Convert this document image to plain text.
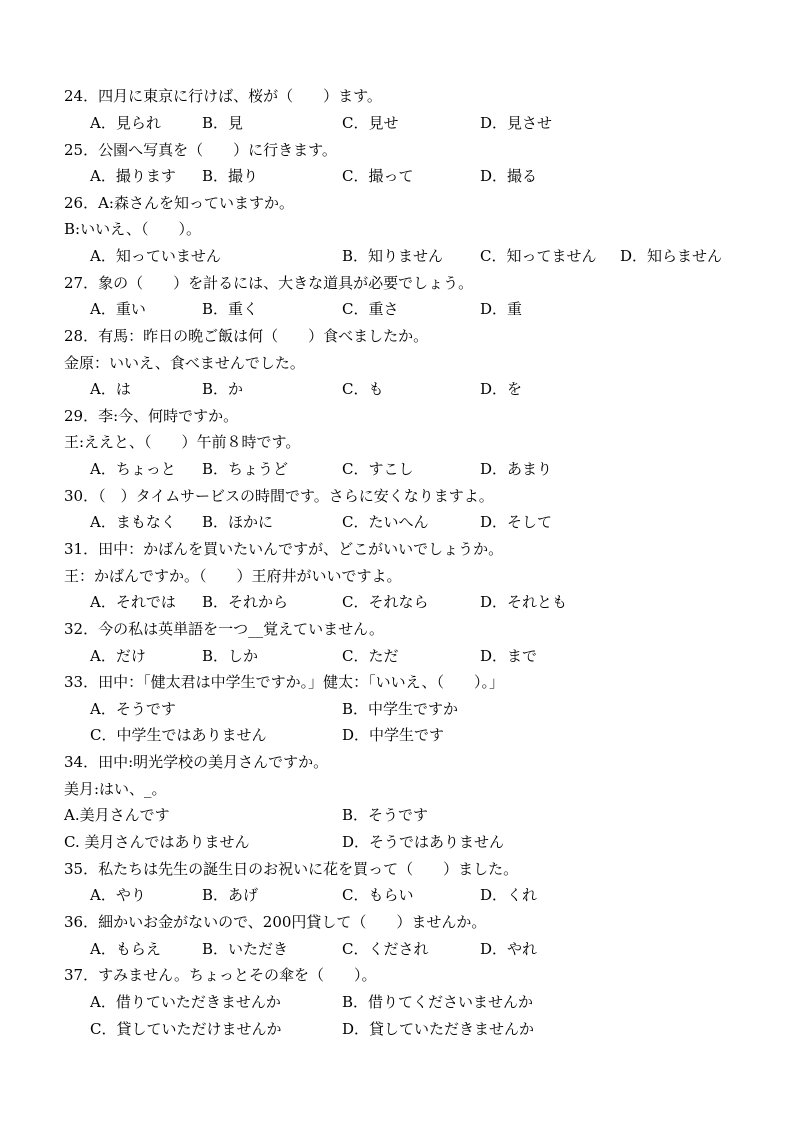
24．四月に東京に行けば、桜が（　　）ます。
A．見られ	B．見	C．見せ	D．見させ
25．公園へ写真を（　　）に行きます。
A．撮ります B．撮り	C．撮って	D．撮る
26．A:森さんを知っていますか。
B:いいえ、（　　）。
A．知っていません	B．知りません C．知ってません D．知らません
27．象の（　　）を計るには、大きな道具が必要でしょう。
A．重い	B．重く	C．重さ	D．重
28．有馬：昨日の晩ご飯は何（　　）食べましたか。
金原：いいえ、食べませんでした。
A．は	B．か	C．も	D．を
29．李:今、何時ですか。
王:ええと、（　　）午前８時です。
A．ちょっと B．ちょうど	C．すこし	D．あまり
30．（　）タイムサービスの時間です。さらに安くなりますよ。
A．まもなく B．ほかに	C．たいへん	D．そして
31．田中：かばんを買いたいんですが、どこがいいでしょうか。
王：かばんですか。（　　）王府井がいいですよ。
A．それでは B．それから	C．それなら	D．それとも
32．今の私は英単語を一つ__覚えていません。
A．だけ	B．しか	C．ただ	D．まで
33．田中：「健太君は中学生ですか。」健太：「いいえ、（　　）。」
A．そうです	B．中学生ですか
C．中学生ではありません	D．中学生です
34．田中:明光学校の美月さんですか。
美月:はい、_。
A.美月さんです	B．そうです
C. 美月さんではありません	D．そうではありません
35．私たちは先生の誕生日のお祝いに花を買って（　　）ました。
A．やり	B．あげ	C．もらい	D．くれ
36．細かいお金がないので、200円貸して（　　）ませんか。
A．もらえ	B．いただき	C．くだされ	D．やれ
37．すみません。ちょっとその傘を（　　）。
A．借りていただきませんか	B．借りてくださいませんか
C．貸していただけませんか	D．貸していただきませんか
